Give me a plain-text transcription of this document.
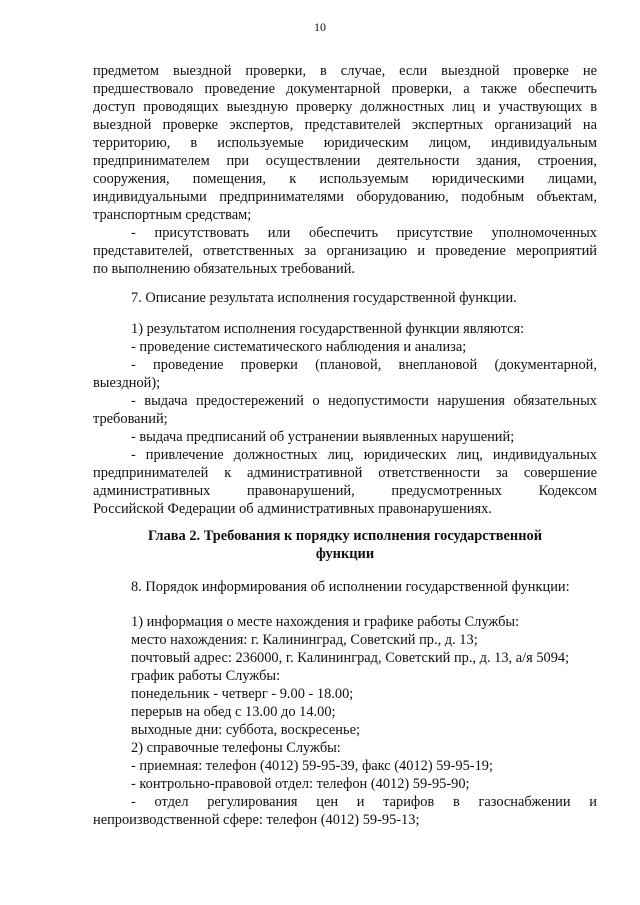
10
предметом выездной проверки, в случае, если выездной проверке не
предшествовало проведение документарной проверки, а также обеспечить
доступ проводящих выездную проверку должностных лиц и участвующих в
выездной проверке экспертов, представителей экспертных организаций на
территорию, в используемые юридическим лицом, индивидуальным
предпринимателем при осуществлении деятельности здания, строения,
сооружения, помещения, к используемым юридическими лицами,
индивидуальными предпринимателями оборудованию, подобным объектам,
транспортным средствам;
- присутствовать или обеспечить присутствие уполномоченных
представителей, ответственных за организацию и проведение мероприятий
по выполнению обязательных требований.
7. Описание результата исполнения государственной функции.
1) результатом исполнения государственной функции являются:
- проведение систематического наблюдения и анализа;
- проведение проверки (плановой, внеплановой (документарной,
выездной);
- выдача предостережений о недопустимости нарушения обязательных
требований;
- выдача предписаний об устранении выявленных нарушений;
- привлечение должностных лиц, юридических лиц, индивидуальных
предпринимателей к административной ответственности за совершение
административных правонарушений, предусмотренных Кодексом
Российской Федерации об административных правонарушениях.
Глава 2. Требования к порядку исполнения государственной
функции
8. Порядок информирования об исполнении государственной функции:
1) информация о месте нахождения и графике работы Службы:
место нахождения: г. Калининград, Советский пр., д. 13;
почтовый адрес: 236000, г. Калининград, Советский пр., д. 13, а/я 5094;
график работы Службы:
понедельник - четверг - 9.00 - 18.00;
перерыв на обед с 13.00 до 14.00;
выходные дни: суббота, воскресенье;
2) справочные телефоны Службы:
- приемная: телефон (4012) 59-95-39, факс (4012) 59-95-19;
- контрольно-правовой отдел: телефон (4012) 59-95-90;
- отдел регулирования цен и тарифов в газоснабжении и
непроизводственной сфере: телефон (4012) 59-95-13;
